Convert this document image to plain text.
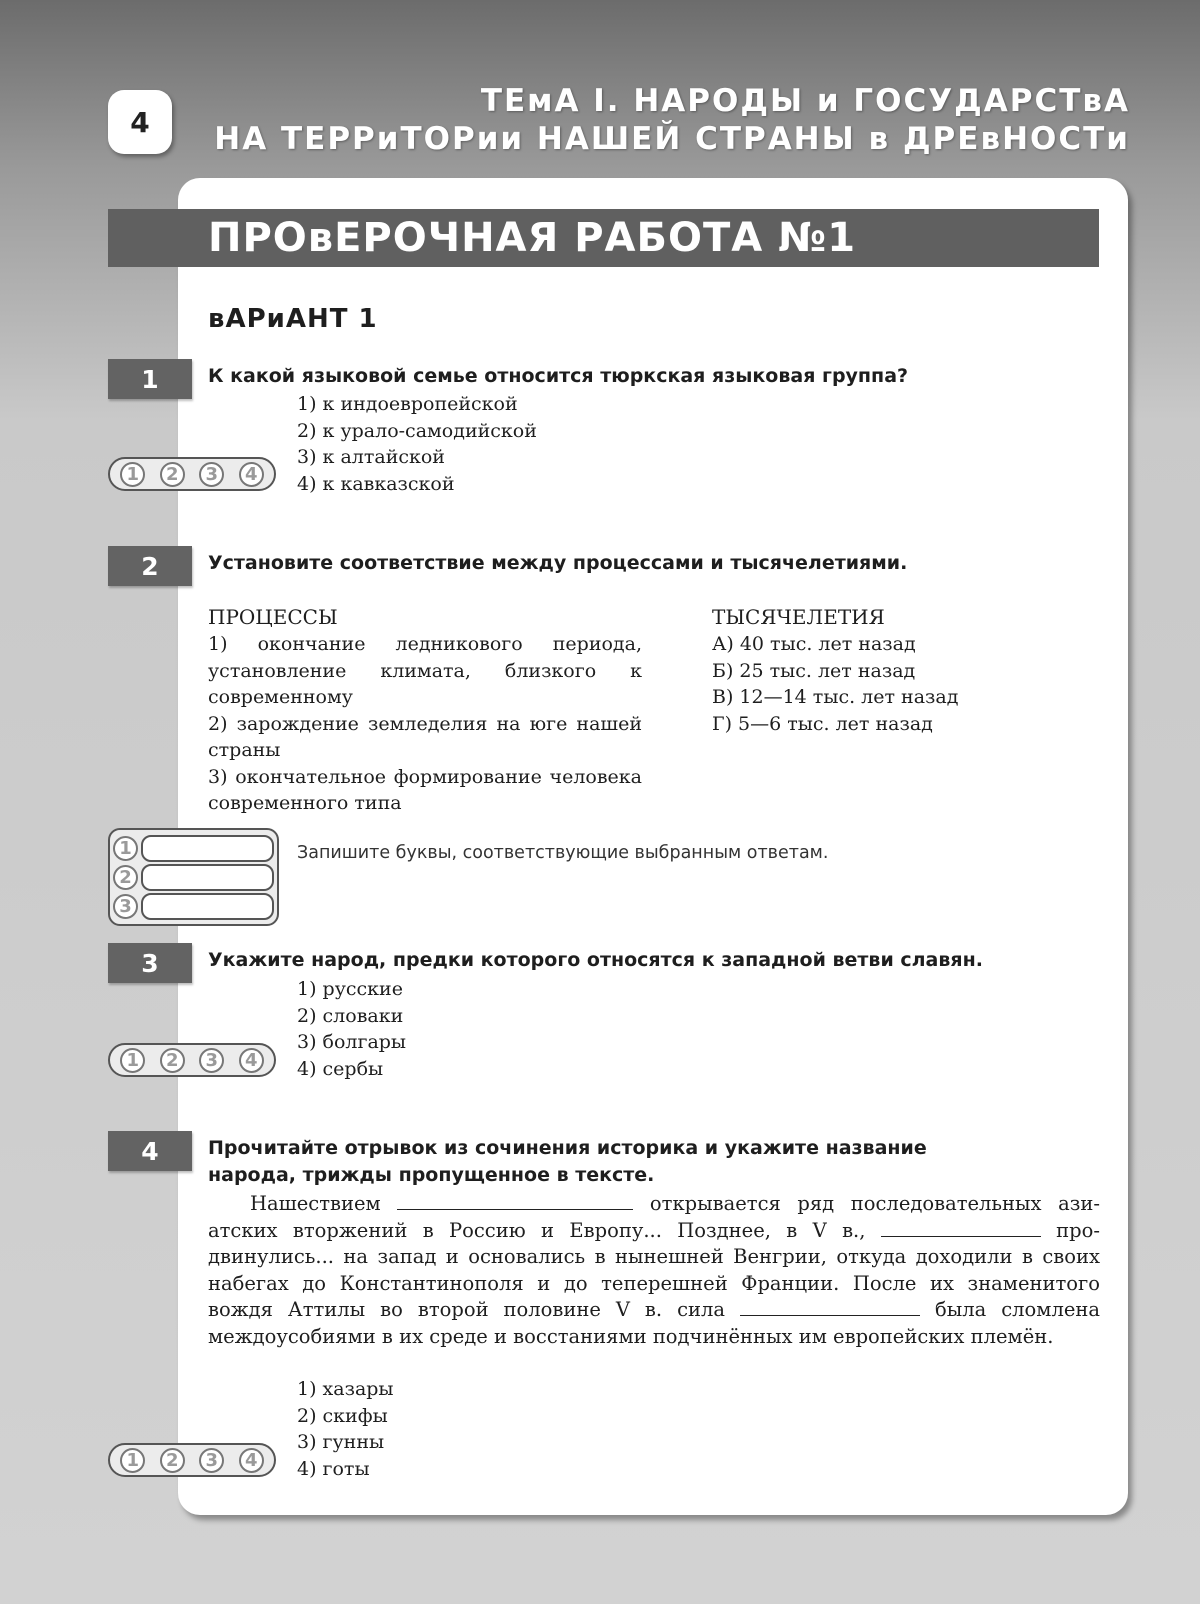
4
ТЕмА I. НАРОДЫ и ГОСУДАРСТвА
НА ТЕРРиТОРии НАШЕЙ СТРАНЫ в ДРЕвНОСТи
ПРОвЕРОЧНАЯ РАБОТА №1
вАРиАНТ 1
1	К какой языковой семье относится тюркская языковая группа?
1) к индоевропейской
2) к урало-самодийской
3) к алтайской
4) к кавказской
1	2	3	4
2	Установите соответствие между процессами и тысячелетиями.
ПРОЦЕССЫ
1) окончание ледникового периода, установление климата, близкого к современному
2) зарождение земледелия на юге нашей страны
3) окончательное формирование человека современного типа
ТЫСЯЧЕЛЕТИЯ
А) 40 тыс. лет назад
Б) 25 тыс. лет назад
В) 12—14 тыс. лет назад
Г) 5—6 тыс. лет назад
1
2
3
Запишите буквы, соответствующие выбранным ответам.
3	Укажите народ, предки которого относятся к западной ветви славян.
1) русские
2) словаки
3) болгары
4) сербы
1	2	3	4
4	Прочитайте отрывок из сочинения историка и укажите название народа, трижды пропущенное в тексте.
Нашествием	открывается ряд последовательных азиатских вторжений в Россию и Европу... Позднее, в V в.,	продвинулись... на запад и основались в нынешней Венгрии, откуда доходили в своих набегах до Константинополя и до теперешней Франции. После их знаменитого вождя Аттилы во второй половине V в. сила	была сломлена междоусобиями в их среде и восстаниями подчинённых им европейских племён.
1) хазары
2) скифы
3) гунны
4) готы
1	2	3	4
